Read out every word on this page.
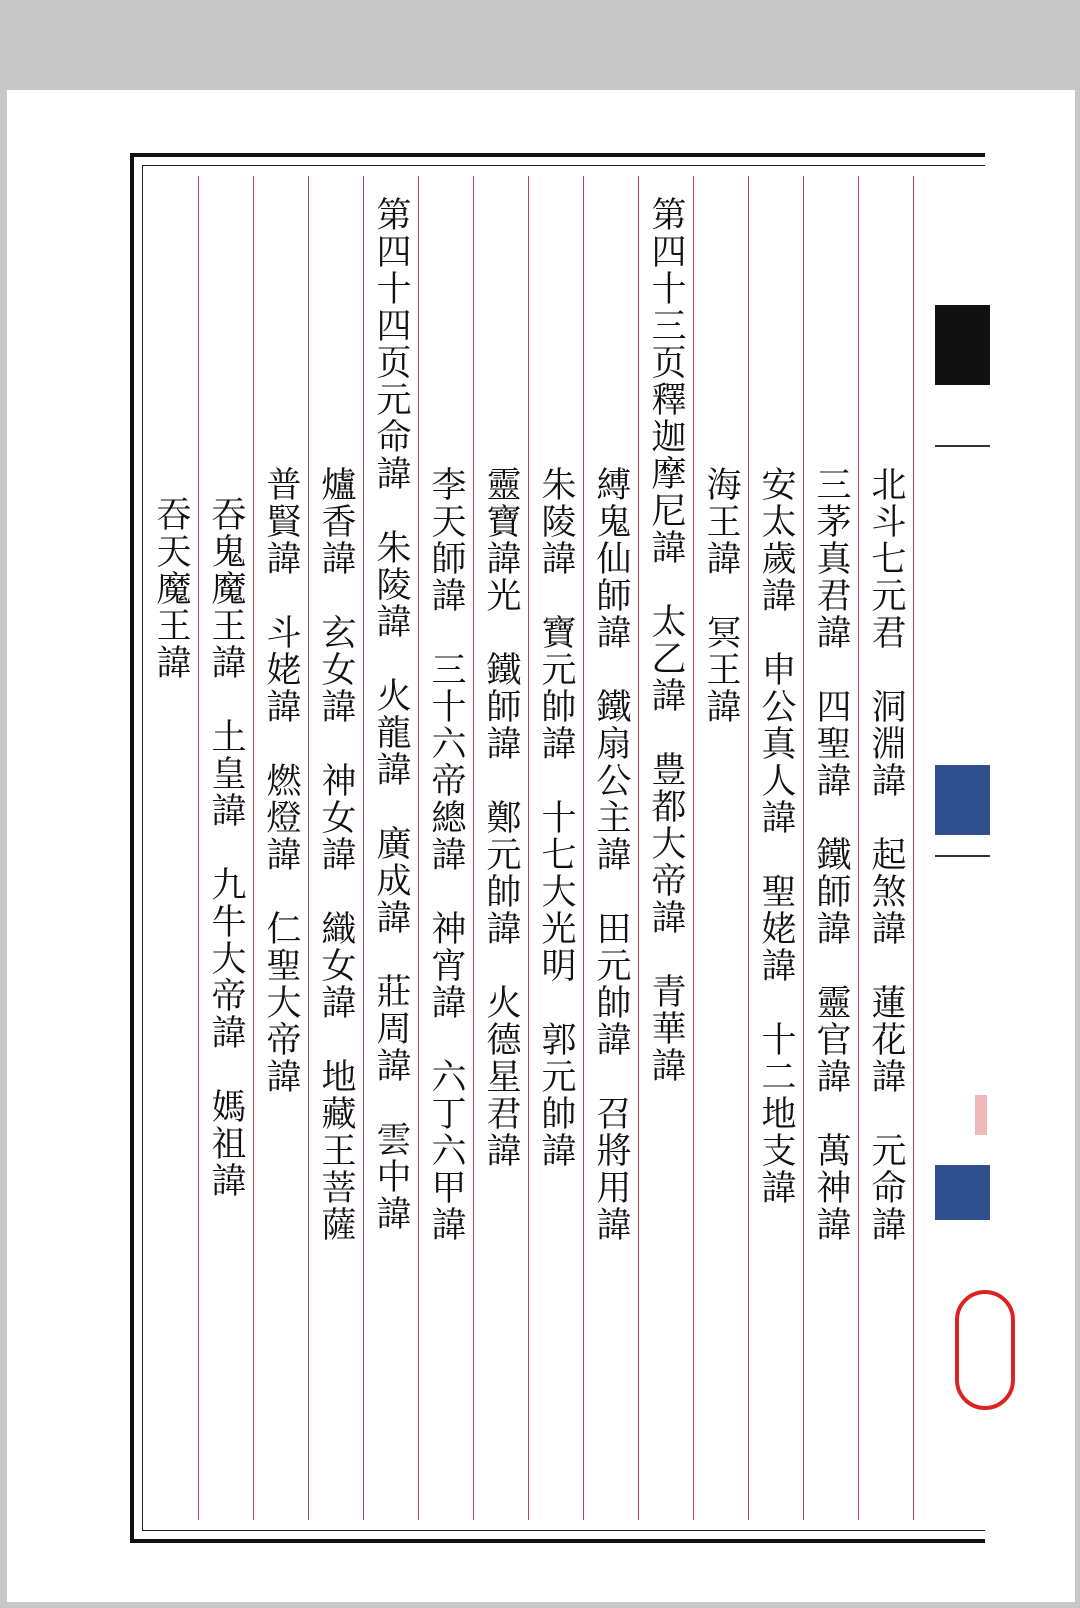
北斗七元君　洞淵諱　起煞諱　蓮花諱　元命諱
三茅真君諱　四聖諱　鐵師諱　靈官諱　萬神諱
安太歲諱　申公真人諱　聖姥諱　十二地支諱
海王諱　冥王諱
第四十三页釋迦摩尼諱　太乙諱　豊都大帝諱　青華諱
縛鬼仙師諱　鐵扇公主諱　田元帥諱　召將用諱
朱陵諱　寶元帥諱　十七大光明　郭元帥諱
靈寶諱光　鐵師諱　鄭元帥諱　火德星君諱
李天師諱　三十六帝總諱　神宵諱　六丁六甲諱
第四十四页元命諱　朱陵諱　火龍諱　廣成諱　莊周諱　雲中諱
爐香諱　玄女諱　神女諱　織女諱　地藏王菩薩
普賢諱　斗姥諱　燃燈諱　仁聖大帝諱
吞鬼魔王諱　土皇諱　九牛大帝諱　媽祖諱
吞天魔王諱
